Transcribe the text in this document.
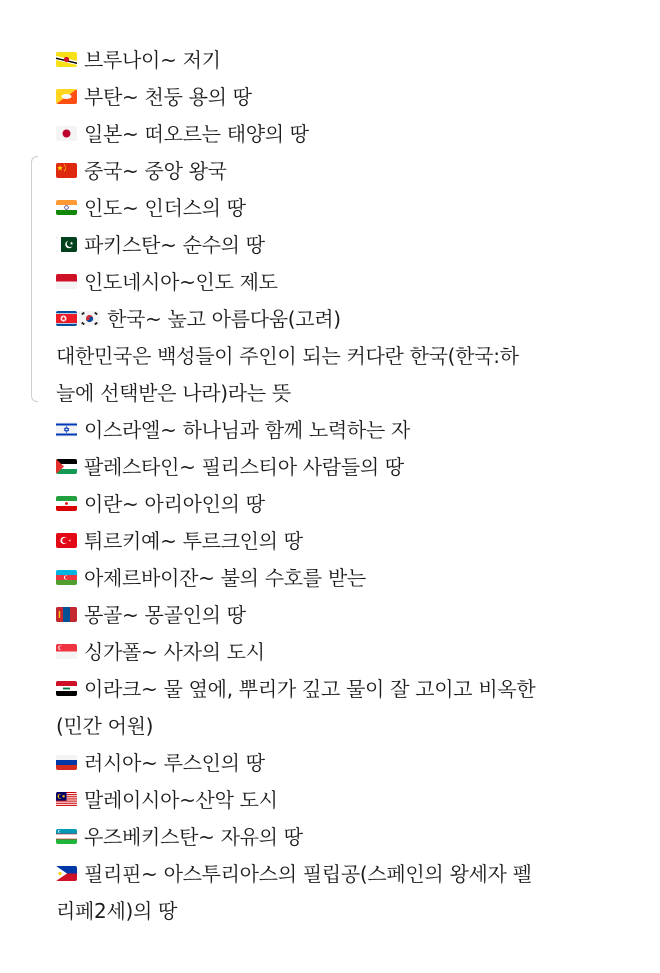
브루나이~ 저기
부탄~ 천둥 용의 땅
일본~ 떠오르는 태양의 땅
중국~ 중앙 왕국
인도~ 인더스의 땅
파키스탄~ 순수의 땅
인도네시아~인도 제도
한국~ 높고 아름다움(고려)
대한민국은 백성들이 주인이 되는 커다란 한국(한국:하
늘에 선택받은 나라)라는 뜻
이스라엘~ 하나님과 함께 노력하는 자
팔레스타인~ 필리스티아 사람들의 땅
이란~ 아리아인의 땅
튀르키예~ 투르크인의 땅
아제르바이잔~ 불의 수호를 받는
몽골~ 몽골인의 땅
싱가폴~ 사자의 도시
이라크~ 물 옆에, 뿌리가 깊고 물이 잘 고이고 비옥한
(민간 어원)
러시아~ 루스인의 땅
말레이시아~산악 도시
우즈베키스탄~ 자유의 땅
필리핀~ 아스투리아스의 필립공(스페인의 왕세자 펠
리페2세)의 땅
